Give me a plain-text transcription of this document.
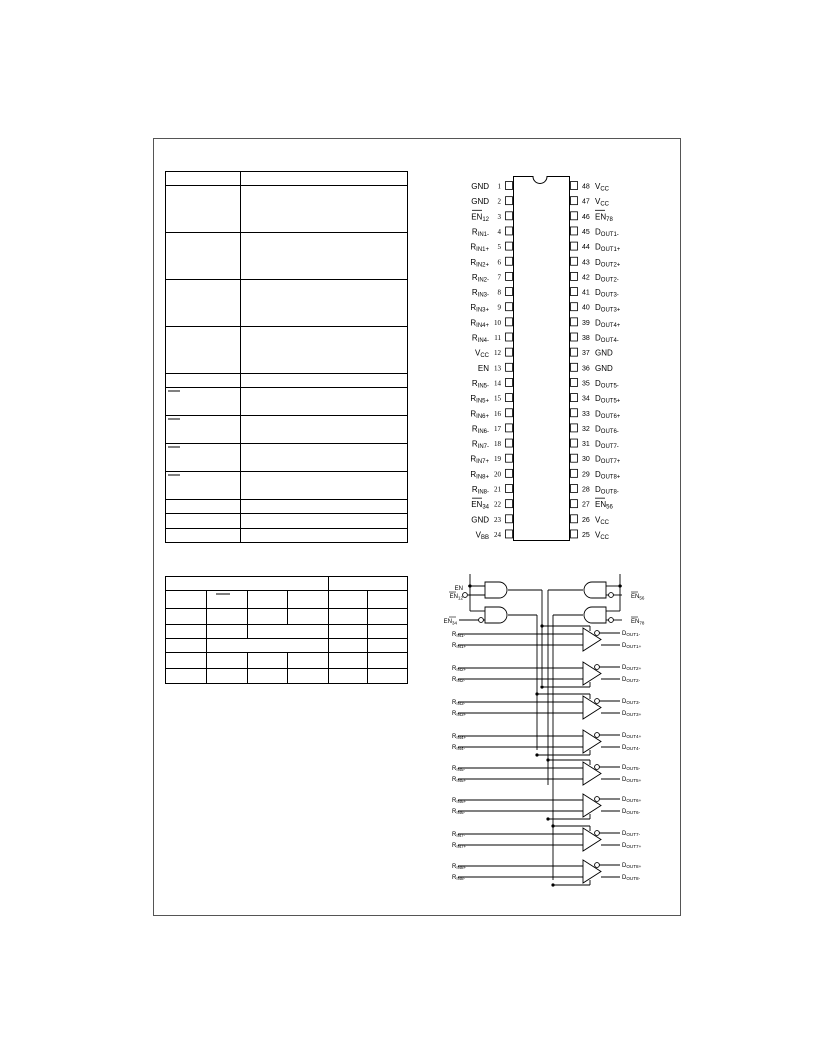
1
GND
2
GND
3
EN12
4
RIN1-
5
RIN1+
6
RIN2+
7
RIN2-
8
RIN3-
9
RIN3+
10
RIN4+
11
RIN4-
12
VCC
13
EN
14
RIN5-
15
RIN5+
16
RIN6+
17
RIN6-
18
RIN7-
19
RIN7+
20
RIN8+
21
RIN8-
22
EN34
23
GND
24
VBB
48 VCC
47 VCC
46 EN78
45 DOUT1-
44 DOUT1+
43 DOUT2+
42 DOUT2-
41 DOUT3-
40 DOUT3+
39 DOUT4+
38 DOUT4-
37 GND
36 GND
35 DOUT5-
34 DOUT5+
33 DOUT6+
32 DOUT6-
31 DOUT7-
30 DOUT7+
29 DOUT8+
28 DOUT8-
27 EN56
26 VCC
25 VCC
EN
$EN_{12}$
$EN_{34}$
$EN_{56}$
$EN_{78}$
RIN1-
RIN1+
DOUT1-
DOUT1+
RIN2+
RIN2-
DOUT2+
DOUT2-
RIN3-
RIN3+
DOUT3-
DOUT3+
RIN4+
RIN4-
DOUT4+
DOUT4-
RIN5-
RIN5+
DOUT5-
DOUT5+
RIN6+
RIN6-
DOUT6+
DOUT6-
RIN7-
RIN7+
DOUT7-
DOUT7+
RIN8+
RIN8-
DOUT8+
DOUT8-
